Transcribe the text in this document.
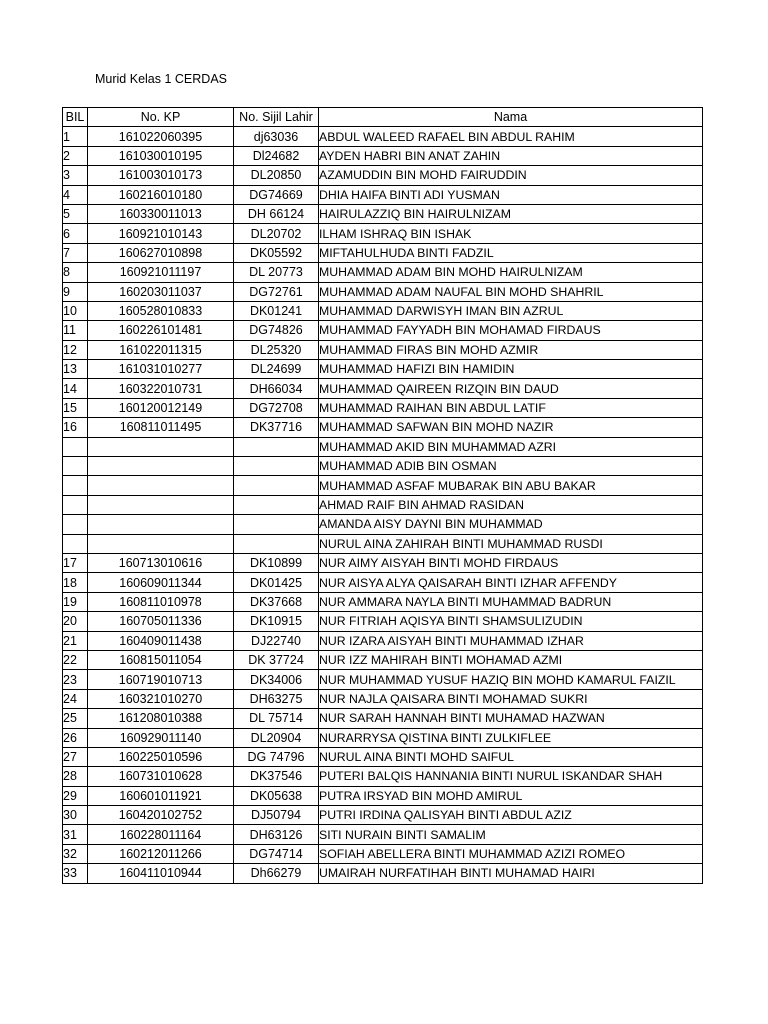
Murid Kelas 1 CERDAS
BIL	No. KP	No. Sijil Lahir	Nama
1	161022060395	dj63036	ABDUL WALEED RAFAEL BIN ABDUL RAHIM
2	161030010195	Dl24682	AYDEN HABRI BIN ANAT ZAHIN
3	161003010173	DL20850	AZAMUDDIN BIN MOHD FAIRUDDIN
4	160216010180	DG74669	DHIA HAIFA BINTI ADI YUSMAN
5	160330011013	DH 66124	HAIRULAZZIQ BIN HAIRULNIZAM
6	160921010143	DL20702	ILHAM ISHRAQ BIN ISHAK
7	160627010898	DK05592	MIFTAHULHUDA BINTI FADZIL
8	160921011197	DL 20773	MUHAMMAD ADAM BIN MOHD HAIRULNIZAM
9	160203011037	DG72761	MUHAMMAD ADAM NAUFAL BIN MOHD SHAHRIL
10	160528010833	DK01241	MUHAMMAD DARWISYH IMAN BIN AZRUL
11	160226101481	DG74826	MUHAMMAD FAYYADH BIN MOHAMAD FIRDAUS
12	161022011315	DL25320	MUHAMMAD FIRAS BIN MOHD AZMIR
13	161031010277	DL24699	MUHAMMAD HAFIZI BIN HAMIDIN
14	160322010731	DH66034	MUHAMMAD QAIREEN RIZQIN BIN DAUD
15	160120012149	DG72708	MUHAMMAD RAIHAN BIN ABDUL LATIF
16	160811011495	DK37716	MUHAMMAD SAFWAN BIN MOHD NAZIR
			MUHAMMAD AKID BIN MUHAMMAD AZRI
			MUHAMMAD ADIB BIN OSMAN
			MUHAMMAD ASFAF MUBARAK BIN ABU BAKAR
			AHMAD RAIF BIN AHMAD RASIDAN
			AMANDA AISY DAYNI BIN MUHAMMAD
			NURUL AINA ZAHIRAH BINTI MUHAMMAD RUSDI
17	160713010616	DK10899	NUR AIMY AISYAH BINTI MOHD FIRDAUS
18	160609011344	DK01425	NUR AISYA ALYA QAISARAH BINTI IZHAR AFFENDY
19	160811010978	DK37668	NUR AMMARA NAYLA BINTI MUHAMMAD BADRUN
20	160705011336	DK10915	NUR FITRIAH AQISYA BINTI SHAMSULIZUDIN
21	160409011438	DJ22740	NUR IZARA AISYAH BINTI MUHAMMAD IZHAR
22	160815011054	DK 37724	NUR IZZ MAHIRAH BINTI MOHAMAD AZMI
23	160719010713	DK34006	NUR MUHAMMAD YUSUF HAZIQ BIN MOHD KAMARUL FAIZIL
24	160321010270	DH63275	NUR NAJLA QAISARA BINTI MOHAMAD SUKRI
25	161208010388	DL 75714	NUR SARAH HANNAH BINTI MUHAMAD HAZWAN
26	160929011140	DL20904	NURARRYSA QISTINA BINTI ZULKIFLEE
27	160225010596	DG 74796	NURUL AINA BINTI MOHD SAIFUL
28	160731010628	DK37546	PUTERI BALQIS HANNANIA BINTI NURUL ISKANDAR SHAH
29	160601011921	DK05638	PUTRA IRSYAD BIN MOHD AMIRUL
30	160420102752	DJ50794	PUTRI IRDINA QALISYAH BINTI ABDUL AZIZ
31	160228011164	DH63126	SITI NURAIN BINTI SAMALIM
32	160212011266	DG74714	SOFIAH ABELLERA BINTI MUHAMMAD AZIZI ROMEO
33	160411010944	Dh66279	UMAIRAH NURFATIHAH BINTI MUHAMAD HAIRI
